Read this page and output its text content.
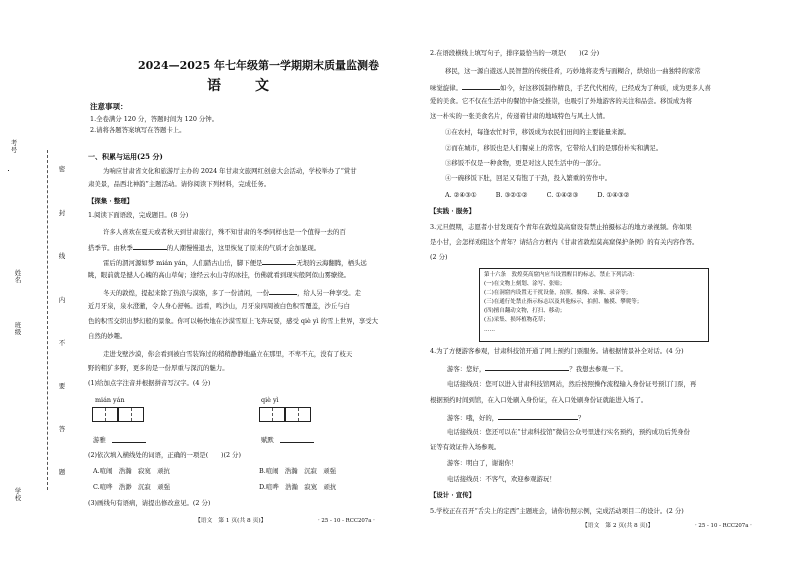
考号
姓名
班级
学校
密
封
线
内
不
要
答
题
2024—2025 年七年级第一学期期末质量监测卷
语　　文
注意事项：
1.全卷满分 120 分，答题时间为 120 分钟。
2.请将各题答案填写在答题卡上。
一、积累与运用(25 分)
为响应甘肃省文化和旅游厅主办的 2024 年甘肃文旅网红创意大会活动，学校举办了“赏甘
肃美景，品西北神韵”主题活动。请你阅读下列材料，完成任务。
【探集 · 整理】
1.阅读下面语段，完成题目。(8 分)
许多人喜欢在夏天或者秋天到甘肃旅行，殊不知甘肃的冬季同样也是一个值得一去的百
搭季节。由秋季	的人潮慢慢退去，这里恢复了原来的气质才会加显现。
雷后的渭河源如梦 mián yán，人们踏古山岳，脚下便是	无垠的云海翻腾，栖头远
眺，眼前就是撼人心魄的高山草甸；途经云水山寺的冰挂，仿佛就看到现实般阿似山雾缭绕。
冬天的敦煌，提起来除了热浪与漠骆，多了一份清闲，一份	，给人另一种享受。走
近月牙泉，泉水澄澈，令人身心舒畅。远看，鸣沙山，月牙泉四周被白色积雪覆盖，沙丘与白
色的积雪交织出梦幻般的景象。你可以畅快地在沙漠雪原上飞奔玩耍，感受 qiè yì 的雪上世界，享受大
自然的妙趣。
走进戈壁沙漠，你会看到被白雪装饰过的稍稍静静地矗立在那里，不卑不亢，没有了枝天
野的粗犷多野，更多的是一份厚重与深沉的魅力。
(1)给加点字注音并根据拼音写汉字。(4 分)
mián yán	qiè yì
游雅	赋默
(2)依次填入横线处的词语，正确的一项是(　　)(2 分)
A.喧闹　浩瀚　寂寞　顽抗	B.喧闹　浩瀚　沉寂　顽强
C.喧哗　浩渺　沉寂　顽强	D.喧哗　浩瀚　寂寞　顽抗
(3)画线句有语病，请提出修改意见。(2 分)
【语文　第 1 页(共 8 页)】	· 25 - 10 - RCC207a ·
2.在语段横线上填写句子，排序最恰当的一项是(　　)(2 分)
移民，这一源自遊远人民智慧的传统佳肴，巧妙地将麦秀与面糊合，烘焙出一曲独特的家常
味觉旋律。	如今，好这移饭制作精良，手艺代代相传，已经成为了种质，成为更多人喜
爱的美食。它不仅在生活中的餐馆中备受推崇，也吸引了外地游客的关注和品尝。移饭成为将
这一朴实的一张美食名片，传递着甘肃的地域特色与风土人情。
①在农村，每逢农忙时节，移饭成为农民们田间的主要能量来源。
②而在城市，移饭也是人们餐桌上的常客，它带给人们的是那份朴实和满足。
③移饭不仅是一种食物，更是对这人民生活中的一部分。
④一碗移饭下肚，回足又有饱了干劲，投入繁重的劳作中。
A. ②④③①　　　B. ③②①②　　　C. ①④②③　　　D. ①④③②
【实践 · 服务】
3.元旦假期，志愿者小甘发现有个青年在敦煌莫高窟设有禁止拍摄标志的地方录视频。你如果
是小甘，会怎样劝阻这个青年？请结合方框内《甘肃省敦煌莫高窟保护条例》的有关内容作答。
(2 分)
第十六条　敦煌莫高窟内应当设置醒目的标志，禁止下列活动：
(一)在文物上刻划、涂写、张贴；
(二)在洞窟内设置无干扰设备，拍照、摄像、录像、录音等；
(三)在通行处禁止指示标志以及其他标示，拍照、触摸、攀爬等；
(四)擅自翻动文物，打扫、移动；
(五)采集、损坏植物花草；
……
4.为了方便游客参观，甘肃科技馆开通了网上预约门票服务。请根据情景补全对话。(4 分)
游客：您好，	？我想去参观一下。
电话接线员：您可以进入甘肃科技馆网站，然后按照操作流程输入身份证号预订门票，再
根据预约时间到馆，在入口处刷入身份证，在入口处刷身份证就能进入场了。
游客：哦，好的，	？
电话接线员：您还可以在“甘肃科技馆”微信公众号里进行实名预约，预约成功后凭身份
证等有效证件入场参观。
游客：明白了，谢谢你！
电话接线员：不客气，欢迎参观游玩！
【设计 · 宣传】
5.学校正在召开“舌尖上的定西”主题班会，请你仿照示例，完成活动项目二的设计。(2 分)
【语文　第 2 页(共 8 页)】	· 25 - 10 - RCC207a ·
